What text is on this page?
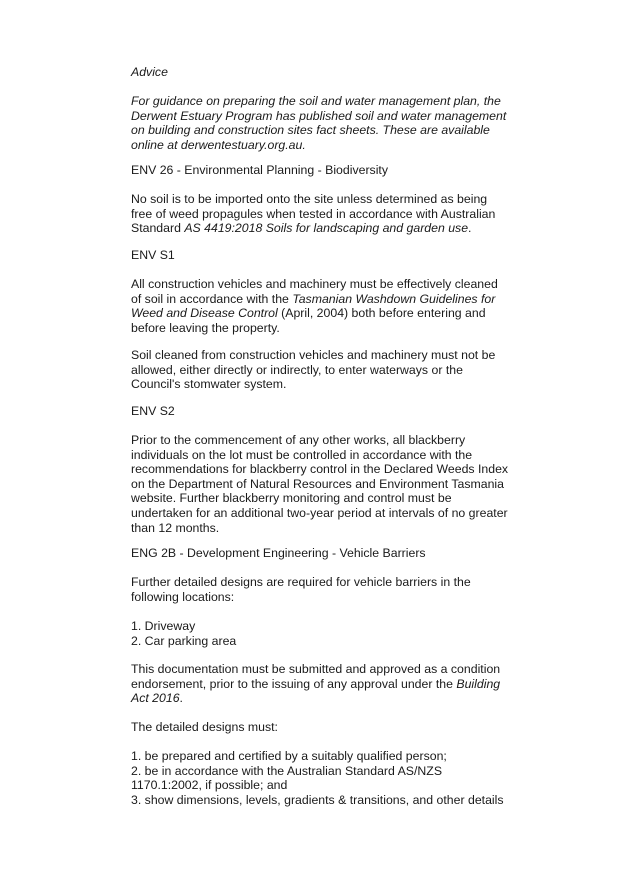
Advice

For guidance on preparing the soil and water management plan, the
Derwent Estuary Program has published soil and water management
on building and construction sites fact sheets. These are available
online at derwentestuary.org.au.

ENV 26 - Environmental Planning - Biodiversity

No soil is to be imported onto the site unless determined as being
free of weed propagules when tested in accordance with Australian
Standard AS 4419:2018 Soils for landscaping and garden use.

ENV S1

All construction vehicles and machinery must be effectively cleaned
of soil in accordance with the Tasmanian Washdown Guidelines for
Weed and Disease Control (April, 2004) both before entering and
before leaving the property.
Soil cleaned from construction vehicles and machinery must not be
allowed, either directly or indirectly, to enter waterways or the
Council's stomwater system.

ENV S2

Prior to the commencement of any other works, all blackberry
individuals on the lot must be controlled in accordance with the
recommendations for blackberry control in the Declared Weeds Index
on the Department of Natural Resources and Environment Tasmania
website. Further blackberry monitoring and control must be
undertaken for an additional two-year period at intervals of no greater
than 12 months.

ENG 2B - Development Engineering - Vehicle Barriers

Further detailed designs are required for vehicle barriers in the
following locations:
1. Driveway
2. Car parking area
This documentation must be submitted and approved as a condition
endorsement, prior to the issuing of any approval under the Building
Act 2016.

The detailed designs must:

1. be prepared and certified by a suitably qualified person;
2. be in accordance with the Australian Standard AS/NZS
1170.1:2002, if possible; and
3. show dimensions, levels, gradients & transitions, and other details
